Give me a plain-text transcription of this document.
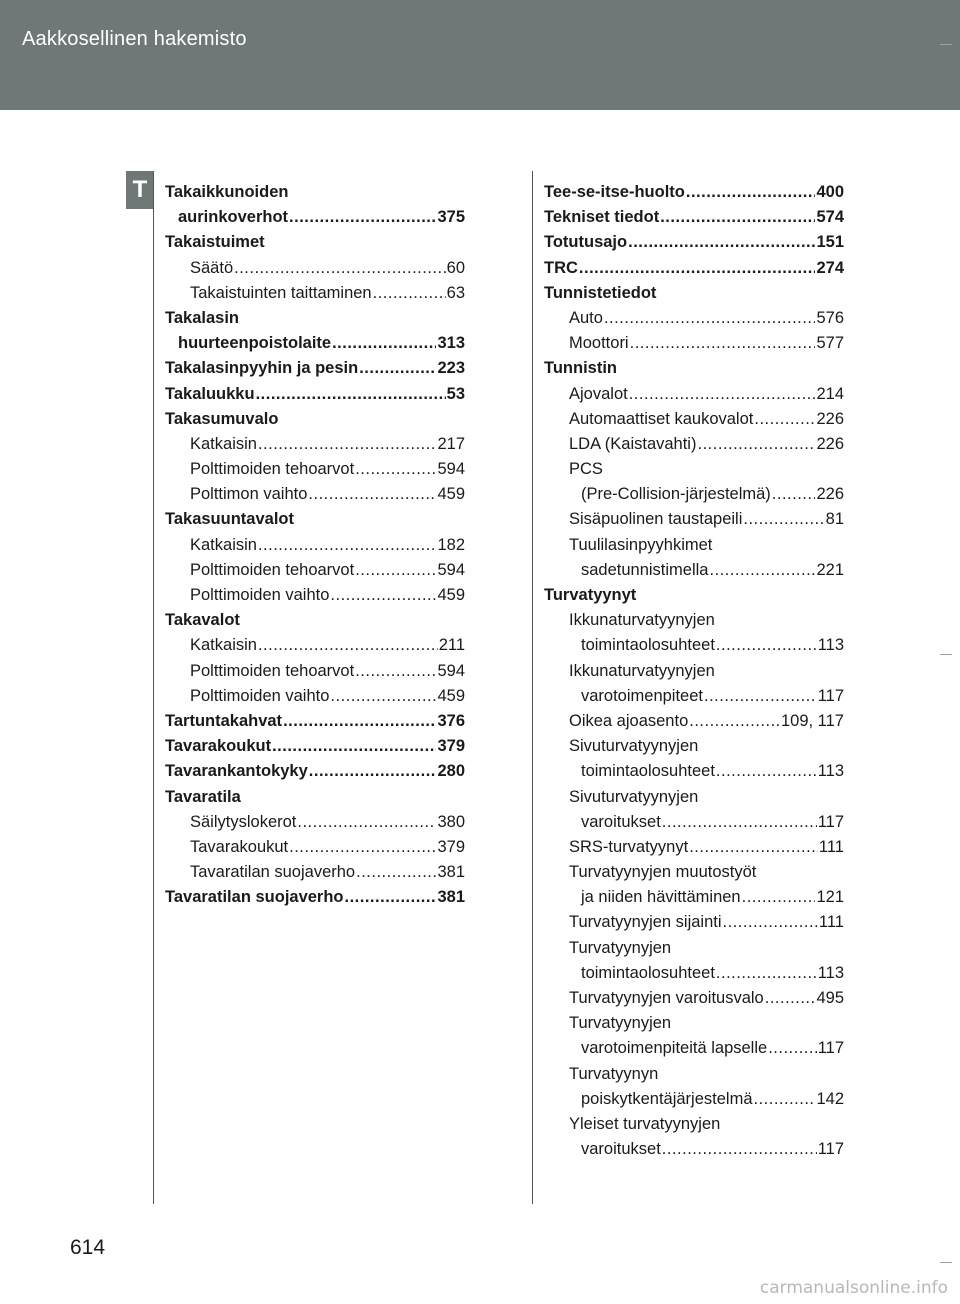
Aakkosellinen hakemisto
T	Takaikkunoiden
aurinkoverhot .....	375
Takaistuimet
Säätö .....	60
Takaistuinten taittaminen .....	63
Takalasin
huurteenpoistolaite .....	313
Takalasinpyyhin ja pesin .....	223
Takaluukku .....	53
Takasumuvalo
Katkaisin .....	217
Polttimoiden tehoarvot .....	594
Polttimon vaihto .....	459
Takasuuntavalot
Katkaisin .....	182
Polttimoiden tehoarvot .....	594
Polttimoiden vaihto .....	459
Takavalot
Katkaisin .....	211
Polttimoiden tehoarvot .....	594
Polttimoiden vaihto .....	459
Tartuntakahvat .....	376
Tavarakoukut .....	379
Tavarankantokyky .....	280
Tavaratila
Säilytyslokerot .....	380
Tavarakoukut .....	379
Tavaratilan suojaverho .....	381
Tavaratilan suojaverho .....	381
Tee-se-itse-huolto .....	400
Tekniset tiedot .....	574
Totutusajo .....	151
TRC .....	274
Tunnistetiedot
Auto .....	576
Moottori .....	577
Tunnistin
Ajovalot .....	214
Automaattiset kaukovalot .....	226
LDA (Kaistavahti) .....	226
PCS
(Pre-Collision-järjestelmä) .....	226
Sisäpuolinen taustapeili .....	81
Tuulilasinpyyhkimet
sadetunnistimella .....	221
Turvatyynyt
Ikkunaturvatyynyjen
toimintaolosuhteet .....	113
Ikkunaturvatyynyjen
varotoimenpiteet .....	117
Oikea ajoasento .....	109, 117
Sivuturvatyynyjen
toimintaolosuhteet .....	113
Sivuturvatyynyjen
varoitukset .....	117
SRS-turvatyynyt .....	111
Turvatyynyjen muutostyöt
ja niiden hävittäminen .....	121
Turvatyynyjen sijainti .....	111
Turvatyynyjen
toimintaolosuhteet .....	113
Turvatyynyjen varoitusvalo .....	495
Turvatyynyjen
varotoimenpiteitä lapselle .....	117
Turvatyynyn
poiskytkentäjärjestelmä .....	142
Yleiset turvatyynyjen
varoitukset .....	117
614
carmanualsonline.info
